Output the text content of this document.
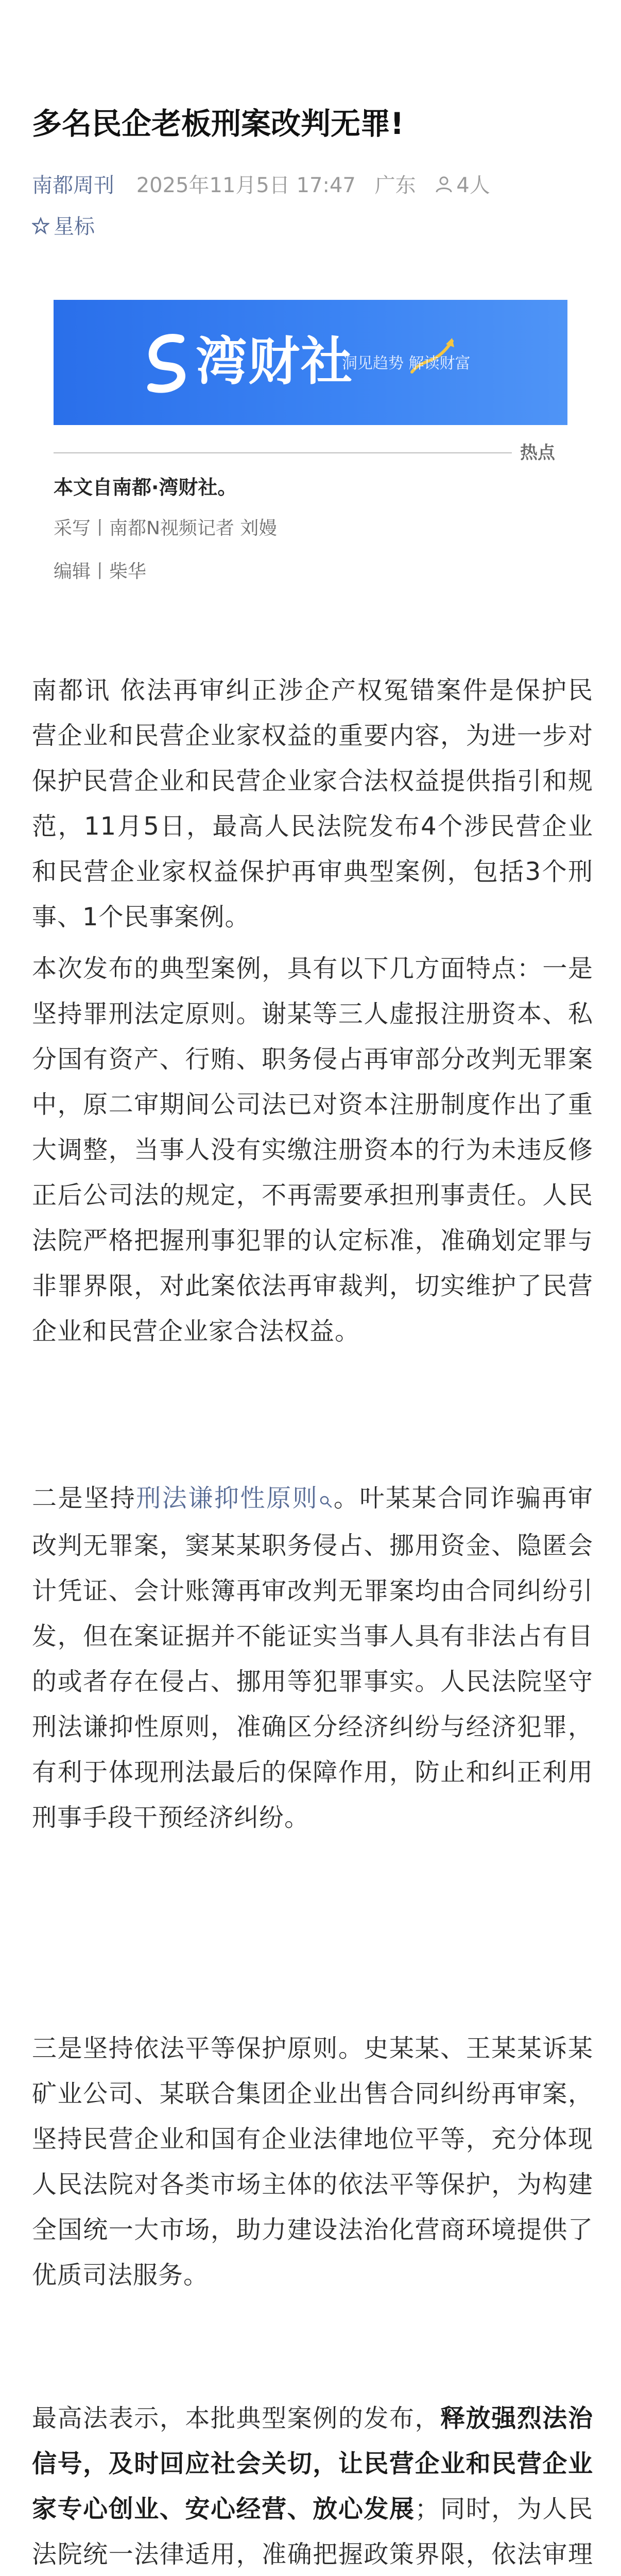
多名民企老板刑案改判无罪!
南都周刊 2025年11月5日 17:47 广东 4人
星标
湾财社
洞见趋势 解读财富
热点
本文自南都·湾财社。
采写丨南都N视频记者 刘嫚
编辑丨柴华
南都讯 依法再审纠正涉企产权冤错案件是保护民营企业和民营企业家权益的重要内容，为进一步对保护民营企业和民营企业家合法权益提供指引和规范，11月5日，最高人民法院发布4个涉民营企业和民营企业家权益保护再审典型案例，包括3个刑事、1个民事案例。
本次发布的典型案例，具有以下几方面特点：一是坚持罪刑法定原则。谢某等三人虚报注册资本、私分国有资产、行贿、职务侵占再审部分改判无罪案中，原二审期间公司法已对资本注册制度作出了重大调整，当事人没有实缴注册资本的行为未违反修正后公司法的规定，不再需要承担刑事责任。人民法院严格把握刑事犯罪的认定标准，准确划定罪与非罪界限，对此案依法再审裁判，切实维护了民营企业和民营企业家合法权益。
二是坚持刑法谦抑性原则 。叶某某合同诈骗再审改判无罪案，窦某某职务侵占、挪用资金、隐匿会计凭证、会计账簿再审改判无罪案均由合同纠纷引发，但在案证据并不能证实当事人具有非法占有目的或者存在侵占、挪用等犯罪事实。人民法院坚守刑法谦抑性原则，准确区分经济纠纷与经济犯罪，有利于体现刑法最后的保障作用，防止和纠正利用刑事手段干预经济纠纷。
三是坚持依法平等保护原则。史某某、王某某诉某矿业公司、某联合集团企业出售合同纠纷再审案，坚持民营企业和国有企业法律地位平等，充分体现人民法院对各类市场主体的依法平等保护，为构建全国统一大市场，助力建设法治化营商环境提供了优质司法服务。
最高法表示，本批典型案例的发布，释放强烈法治信号，及时回应社会关切，让民营企业和民营企业家专心创业、安心经营、放心发展；同时，为人民法院统一法律适用，准确把握政策界限，依法审理
